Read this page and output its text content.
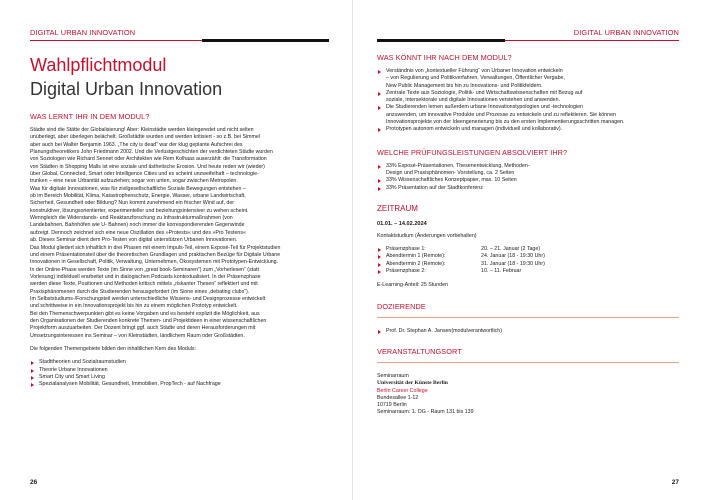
DIGITAL URBAN INNOVATION
Wahlpflichtmodul
Digital Urban Innovation
WAS LERNT IHR IN DEM MODUL?
Städte sind die Stätte der Globalisierung! Aber: Kleinstädte werden kleingeredet und nicht selten
unüberlegt, aber überlegen belächelt. Großstädte wurden und werden kritisiert - so z.B. bei Simmel
aber auch bei Walter Benjamin 1963. „The city is dead“ war der klug geplante Aufschrei des
Planungstheoretikers John Friedmann 2002. Und die Verlustgeschichten der verdichteten Städte wurden
von Soziologen wie Richard Sennet oder Architekten wie Rem Kolhaas auserzählt: die Transformation
von Städten in Shopping Malls ist eine soziale und ästhetische Erosion. Und heute reden wir (wieder)
über Global, Connected, Smart oder Intelligence Cities und es scheint unzweifelhaft – technologie-
trunken – eine neue Urbanität aufzuziehen; sogar von unten, sogar zwischen Metropolen.
Was für digitale Innovationen, was für zivilgesellschaftliche Soziale Bewegungen entstehen –
ob im Bereich Mobilität, Klima, Katastrophenschutz, Energie, Wasser, urbane Landwirtschaft,
Sicherheit, Gesundheit oder Bildung? Nun kommt zunehmend ein frischer Wind auf, der
konstruktiver, lösungsorientierter, experimenteller und beziehungsintensiver zu wehen scheint.
Wenngleich die Widerstands- und Reaktanzforschung zu Infrastrukturmaßnahmen (von
Landebahnen, Bahnhöfen wie U- Bahnen) noch immer die korrespondierenden Gegenwinde
aufzeigt. Dennoch zeichnet sich eine neue Oszillation des »Protests« und des »Pro Testens«
ab. Dieses Seminar dient dem Pro-Testen von digital unterstützen Urbanen Innovationen.
Das Modul gliedert sich inhaltlich in drei Phasen mit einem Impuls-Teil, einem Exposé-Teil für Projektstudien
und einem Präsentationsteil über die theoretischen Grundlagen und praktischen Bezüge für Digitale Urbane
Innovationen in Gesellschaft, Politik, Verwaltung, Unternehmen, Ökosystemen mit Prototypen-Entwicklung.
In der Online-Phase werden Texte (im Sinne von „great book-Seminaren“) zum „Vorherlesen“ (statt
Vorlesung) individuell erarbeitet und in dialogischen Podcasts kontextualisiert. In der Präsenzphase
werden diese Texte, Positionen und Methoden kritisch mittels „riskanter Thesen“ reflektiert und mit
Praxisphänomenen durch die Studierenden herausgefordert (im Sinne eines „debating clubs“).
Im Selbststudiums-/Forschungsteil werden unterschiedliche Wissens- und Designprozesse entwickelt
und schrittweise in ein Innovationsprojekt bis hin zu einem möglichen Prototyp entwickelt.
Bei den Themenschwerpunkten gibt es keine Vorgaben und es besteht explizit die Möglichkeit, aus
den Organisationen der Studierenden konkrete Themen- und Projektideen in einer wissenschaftlichen
Projektform auszuarbeiten. Der Dozent bringt ggf. auch Städte und deren Herausforderungen mit
Umsetzungsinteressen ins Seminar – von Kleinstädten, ländlichem Raum oder Großstädten.
Die folgenden Themengebiete bilden den inhaltlichen Kern des Moduls:
Stadttheorien und Sozialraumstudien
Theorie Urbane Innovationen
Smart City und Smart Living
Spezialanalysen Mobilität, Gesundheit, Immobilien, PropTech - auf Nachfrage
26
DIGITAL URBAN INNOVATION
WAS KÖNNT IHR NACH DEM MODUL?
Verständnis von „kontextueller Führung“ von Urbaner Innovation entwickeln
– von Regulierung und Politikverfahren, Verwaltungen, Öffentlicher Vergabe,
New Public Management bis hin zu Innovations- und Politikfeldern.
Zentrale Texte aus Soziologie, Politik- und Wirtschaftswissenschaften mit Bezug auf
soziale, intersektorale und digitale Innovationen verstehen und anwenden.
Die Studierenden lernen außerdem urbane Innovationstypologien und -technologien
anzuwenden, um innovative Produkte und Prozesse zu entwickeln und zu reflektieren. Sie können
Innovationsprojekte von der Ideengenerierung bis zu den ersten Implementierungsschritten managen.
Prototypen autonom entwickeln und managen (individuell und kollaborativ).
WELCHE PRÜFUNGSLEISTUNGEN ABSOLVIERT IHR?
33% Exposé-Präsentationen, Thesenentwicklung, Methoden-
Design und Praxisphänomen- Vorstellung, ca. 2 Seiten
33% Wissenschaftliches Konzeptpapier, max. 10 Seiten
33% Präsentation auf der Stadtkonferenz
ZEITRAUM
01.01. – 14.02.2024
Kontaktstudium (Änderungen vorbehalten)
Präsenzphase 1:	20. – 21. Januar (2 Tage)
Abendtermin 1 (Remote):	24. Januar (18 - 19:30 Uhr)
Abendtermin 2 (Remote):	31. Januar (18 - 19:30 Uhr)
Präsenzphase 2:	10. – 11. Februar
E-Learning-Anteil: 25 Stunden
DOZIERENDE
Prof. Dr. Stephan A. Jansen(modulverantwortlich)
VERANSTALTUNGSORT
Seminarraum
Universität der Künste Berlin
Berlin Career College
Bundesallee 1-12
10719 Berlin
Seminarraum: 1. OG - Raum 131 bis 139
27
